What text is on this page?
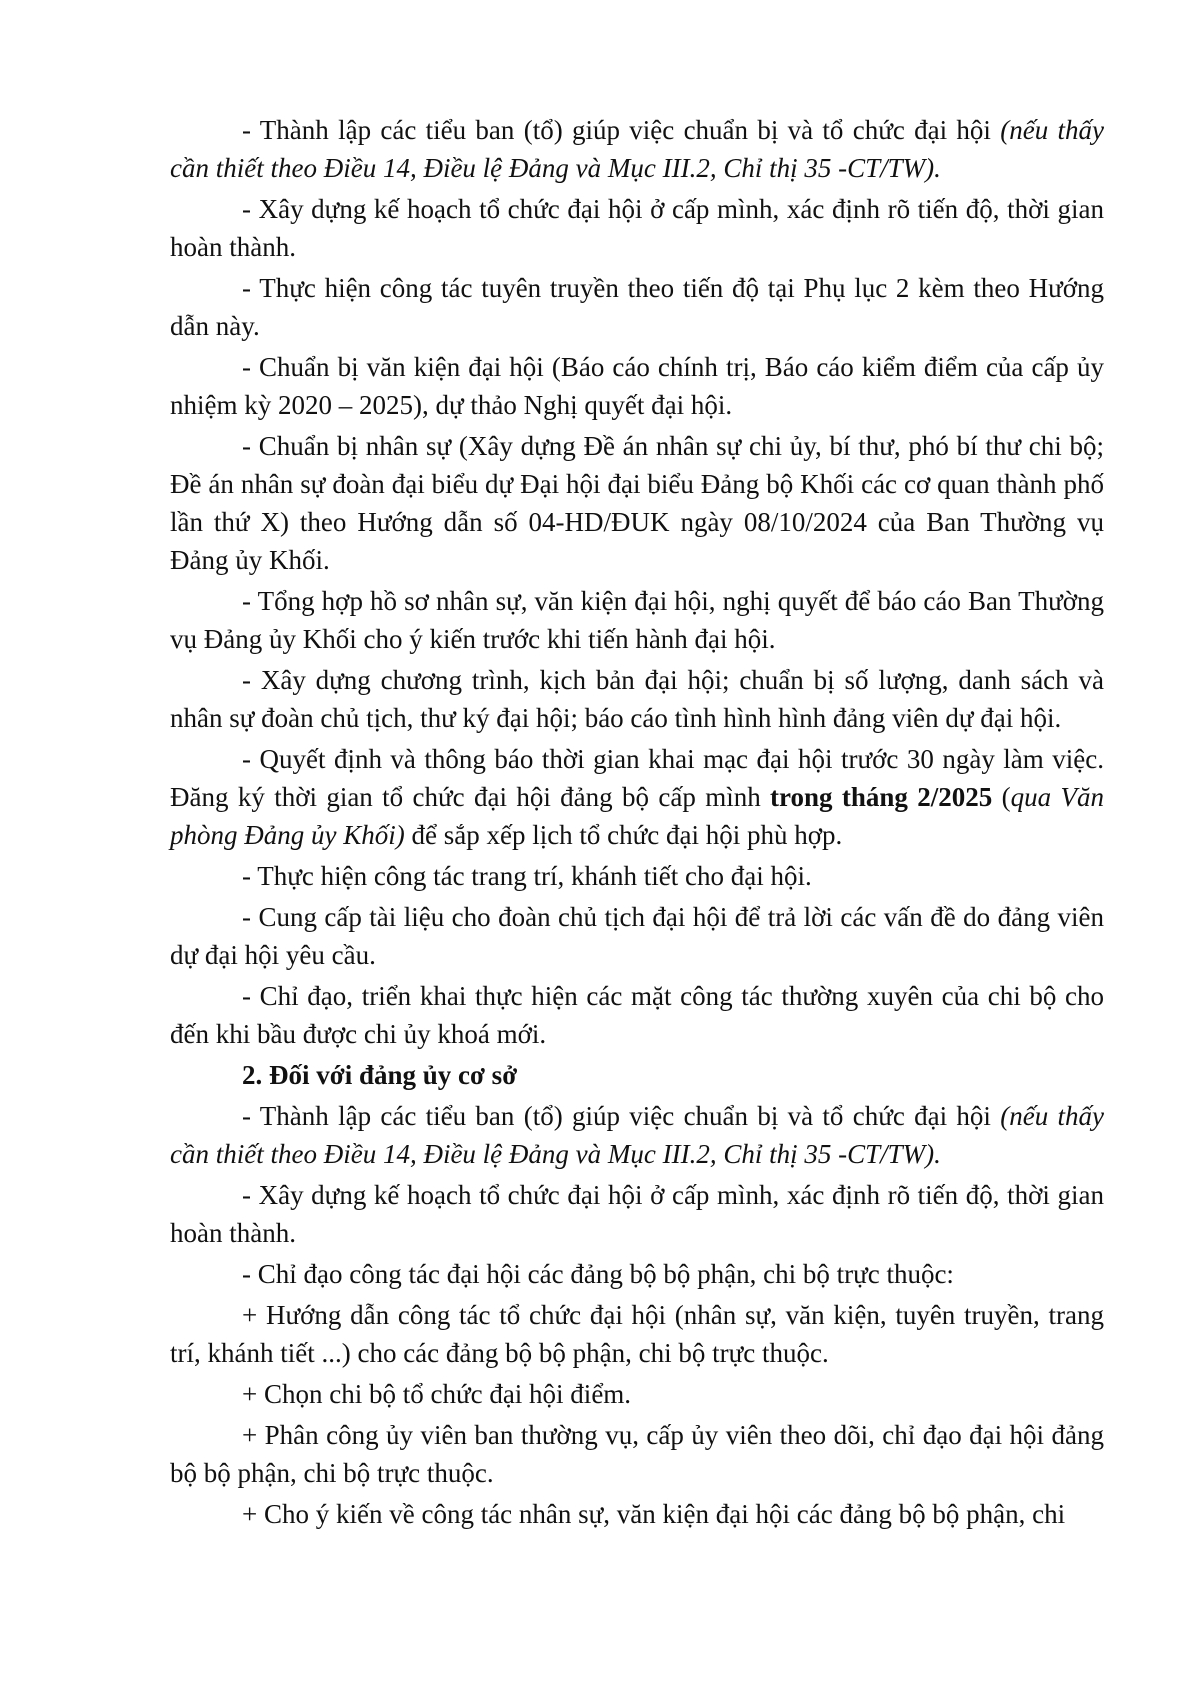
- Thành lập các tiểu ban (tổ) giúp việc chuẩn bị và tổ chức đại hội (nếu thấy cần thiết theo Điều 14, Điều lệ Đảng và Mục III.2, Chỉ thị 35 -CT/TW).

- Xây dựng kế hoạch tổ chức đại hội ở cấp mình, xác định rõ tiến độ, thời gian hoàn thành.

- Thực hiện công tác tuyên truyền theo tiến độ tại Phụ lục 2 kèm theo Hướng dẫn này.

- Chuẩn bị văn kiện đại hội (Báo cáo chính trị, Báo cáo kiểm điểm của cấp ủy nhiệm kỳ 2020 – 2025), dự thảo Nghị quyết đại hội.

- Chuẩn bị nhân sự (Xây dựng Đề án nhân sự chi ủy, bí thư, phó bí thư chi bộ; Đề án nhân sự đoàn đại biểu dự Đại hội đại biểu Đảng bộ Khối các cơ quan thành phố lần thứ X) theo Hướng dẫn số 04-HD/ĐUK ngày 08/10/2024 của Ban Thường vụ Đảng ủy Khối.

- Tổng hợp hồ sơ nhân sự, văn kiện đại hội, nghị quyết để báo cáo Ban Thường vụ Đảng ủy Khối cho ý kiến trước khi tiến hành đại hội.

- Xây dựng chương trình, kịch bản đại hội; chuẩn bị số lượng, danh sách và nhân sự đoàn chủ tịch, thư ký đại hội; báo cáo tình hình hình đảng viên dự đại hội.

- Quyết định và thông báo thời gian khai mạc đại hội trước 30 ngày làm việc. Đăng ký thời gian tổ chức đại hội đảng bộ cấp mình trong tháng 2/2025 (qua Văn phòng Đảng ủy Khối) để sắp xếp lịch tổ chức đại hội phù hợp.

- Thực hiện công tác trang trí, khánh tiết cho đại hội.

- Cung cấp tài liệu cho đoàn chủ tịch đại hội để trả lời các vấn đề do đảng viên dự đại hội yêu cầu.

- Chỉ đạo, triển khai thực hiện các mặt công tác thường xuyên của chi bộ cho đến khi bầu được chi ủy khoá mới.

2. Đối với đảng ủy cơ sở

- Thành lập các tiểu ban (tổ) giúp việc chuẩn bị và tổ chức đại hội (nếu thấy cần thiết theo Điều 14, Điều lệ Đảng và Mục III.2, Chỉ thị 35 -CT/TW).

- Xây dựng kế hoạch tổ chức đại hội ở cấp mình, xác định rõ tiến độ, thời gian hoàn thành.

- Chỉ đạo công tác đại hội các đảng bộ bộ phận, chi bộ trực thuộc:

+ Hướng dẫn công tác tổ chức đại hội (nhân sự, văn kiện, tuyên truyền, trang trí, khánh tiết ...) cho các đảng bộ bộ phận, chi bộ trực thuộc.

+ Chọn chi bộ tổ chức đại hội điểm.

+ Phân công ủy viên ban thường vụ, cấp ủy viên theo dõi, chỉ đạo đại hội đảng bộ bộ phận, chi bộ trực thuộc.

+ Cho ý kiến về công tác nhân sự, văn kiện đại hội các đảng bộ bộ phận, chi
